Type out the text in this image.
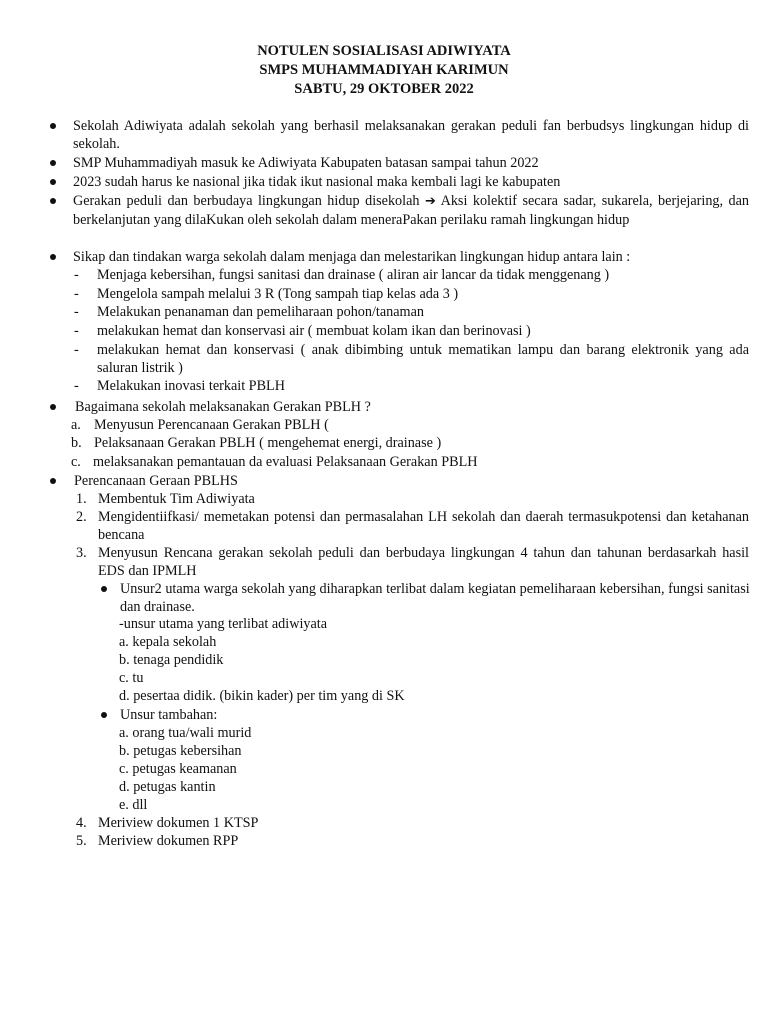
NOTULEN SOSIALISASI ADIWIYATA
SMPS MUHAMMADIYAH KARIMUN
SABTU, 29 OKTOBER 2022
Sekolah Adiwiyata adalah sekolah yang berhasil melaksanakan gerakan peduli fan berbudsys lingkungan hidup di sekolah.
SMP Muhammadiyah masuk ke Adiwiyata Kabupaten batasan sampai tahun 2022
2023 sudah harus ke nasional jika tidak ikut nasional maka kembali lagi ke kabupaten
Gerakan peduli dan berbudaya lingkungan hidup disekolah ➔ Aksi kolektif secara sadar, sukarela, berjejaring, dan berkelanjutan yang dilaKukan oleh sekolah dalam meneraPakan perilaku ramah lingkungan hidup
Sikap dan tindakan warga sekolah dalam menjaga dan melestarikan lingkungan hidup antara lain :
- Menjaga kebersihan, fungsi sanitasi dan drainase ( aliran air lancar da tidak menggenang )
- Mengelola sampah melalui 3 R (Tong sampah tiap kelas ada 3 )
- Melakukan penanaman dan pemeliharaan pohon/tanaman
- melakukan hemat dan konservasi air ( membuat kolam ikan dan berinovasi )
- melakukan hemat dan konservasi ( anak dibimbing untuk mematikan lampu dan barang elektronik yang ada saluran listrik )
- Melakukan inovasi terkait PBLH
Bagaimana sekolah melaksanakan Gerakan PBLH ?
a. Menyusun Perencanaan Gerakan PBLH (
b. Pelaksanaan Gerakan PBLH ( mengehemat energi, drainase )
c. melaksanakan pemantauan da evaluasi Pelaksanaan Gerakan PBLH
Perencanaan Geraan PBLHS
1. Membentuk Tim Adiwiyata
2. Mengidentiifkasi/ memetakan potensi dan permasalahan LH sekolah dan daerah termasukpotensi dan ketahanan bencana
3. Menyusun Rencana gerakan sekolah peduli dan berbudaya lingkungan 4 tahun dan tahunan berdasarkah hasil EDS dan IPMLH
Unsur2 utama warga sekolah yang diharapkan terlibat dalam kegiatan pemeliharaan kebersihan, fungsi sanitasi dan drainase.
-unsur utama yang terlibat adiwiyata
a. kepala sekolah
b. tenaga pendidik
c. tu
d. pesertaa didik. (bikin kader) per tim yang di SK
Unsur tambahan:
a. orang tua/wali murid
b. petugas kebersihan
c. petugas keamanan
d. petugas kantin
e. dll
4. Meriview dokumen 1 KTSP
5. Meriview dokumen RPP
